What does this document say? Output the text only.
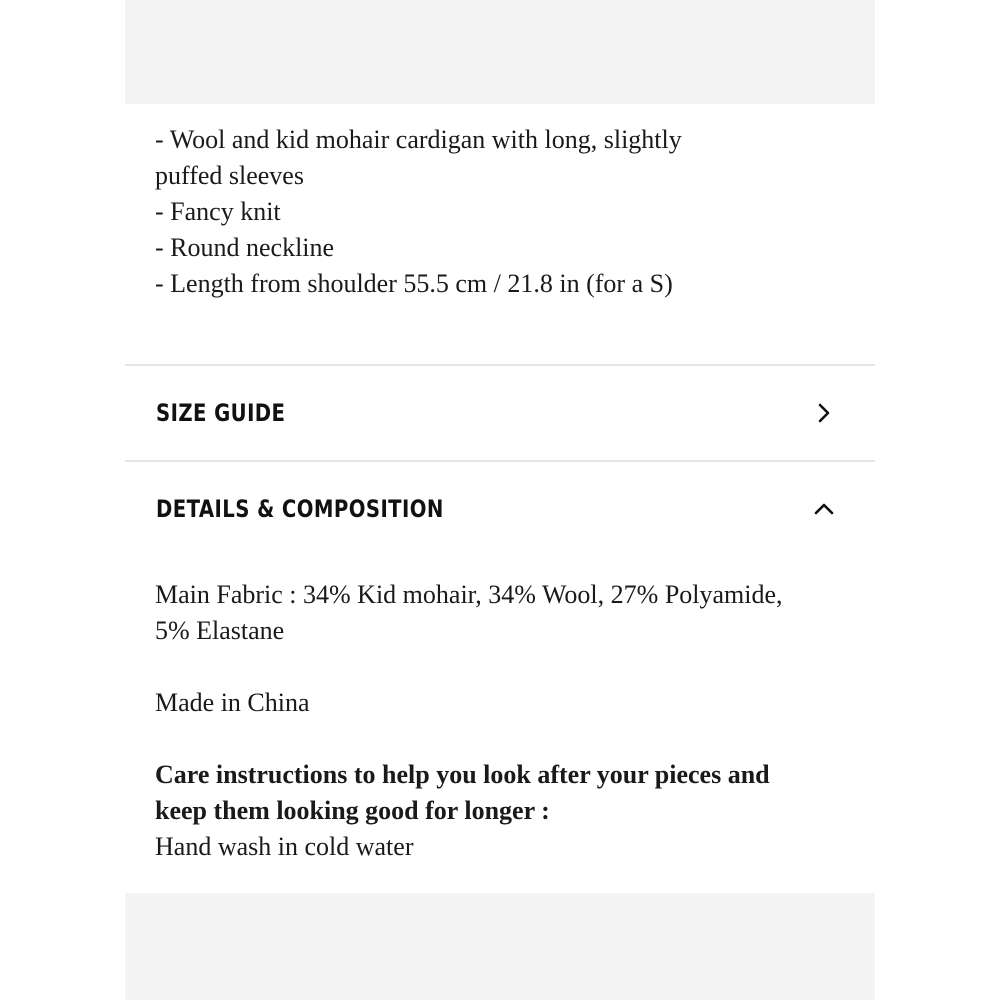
- Wool and kid mohair cardigan with long, slightly
puffed sleeves
- Fancy knit
- Round neckline
- Length from shoulder 55.5 cm / 21.8 in (for a S)
SIZE GUIDE
DETAILS & COMPOSITION

Main Fabric : 34% Kid mohair, 34% Wool, 27% Polyamide,

5% Elastane

Made in China

Care instructions to help you look after your pieces and

keep them looking good for longer :

Hand wash in cold water
